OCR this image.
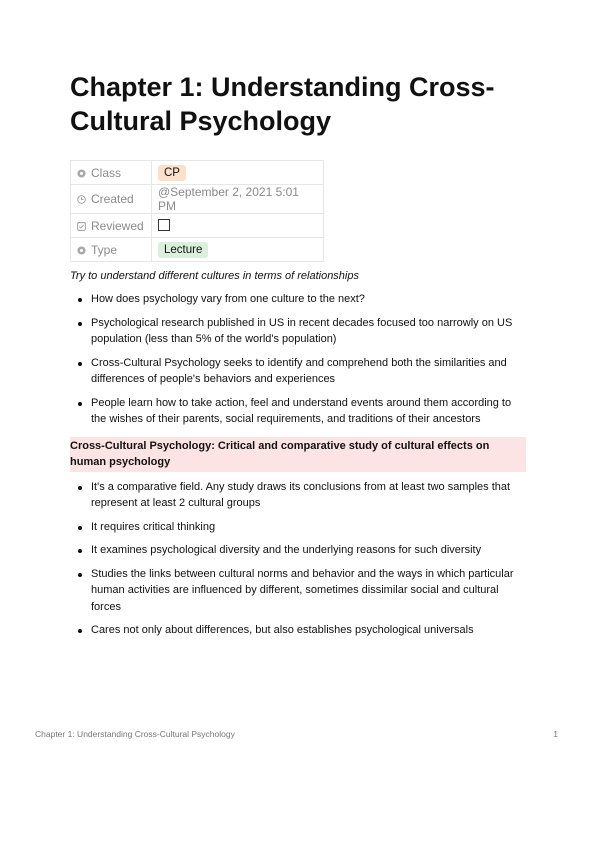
Chapter 1: Understanding Cross-Cultural Psychology
Class	CP
Created	@September 2, 2021 5:01 PM
Reviewed	
Type	Lecture
Try to understand different cultures in terms of relationships
How does psychology vary from one culture to the next?
Psychological research published in US in recent decades focused too narrowly on US population (less than 5% of the world's population)
Cross-Cultural Psychology seeks to identify and comprehend both the similarities and differences of people's behaviors and experiences
People learn how to take action, feel and understand events around them according to the wishes of their parents, social requirements, and traditions of their ancestors
Cross-Cultural Psychology: Critical and comparative study of cultural effects on human psychology
It's a comparative field. Any study draws its conclusions from at least two samples that represent at least 2 cultural groups
It requires critical thinking
It examines psychological diversity and the underlying reasons for such diversity
Studies the links between cultural norms and behavior and the ways in which particular human activities are influenced by different, sometimes dissimilar social and cultural forces
Cares not only about differences, but also establishes psychological universals
Chapter 1: Understanding Cross-Cultural Psychology	1
